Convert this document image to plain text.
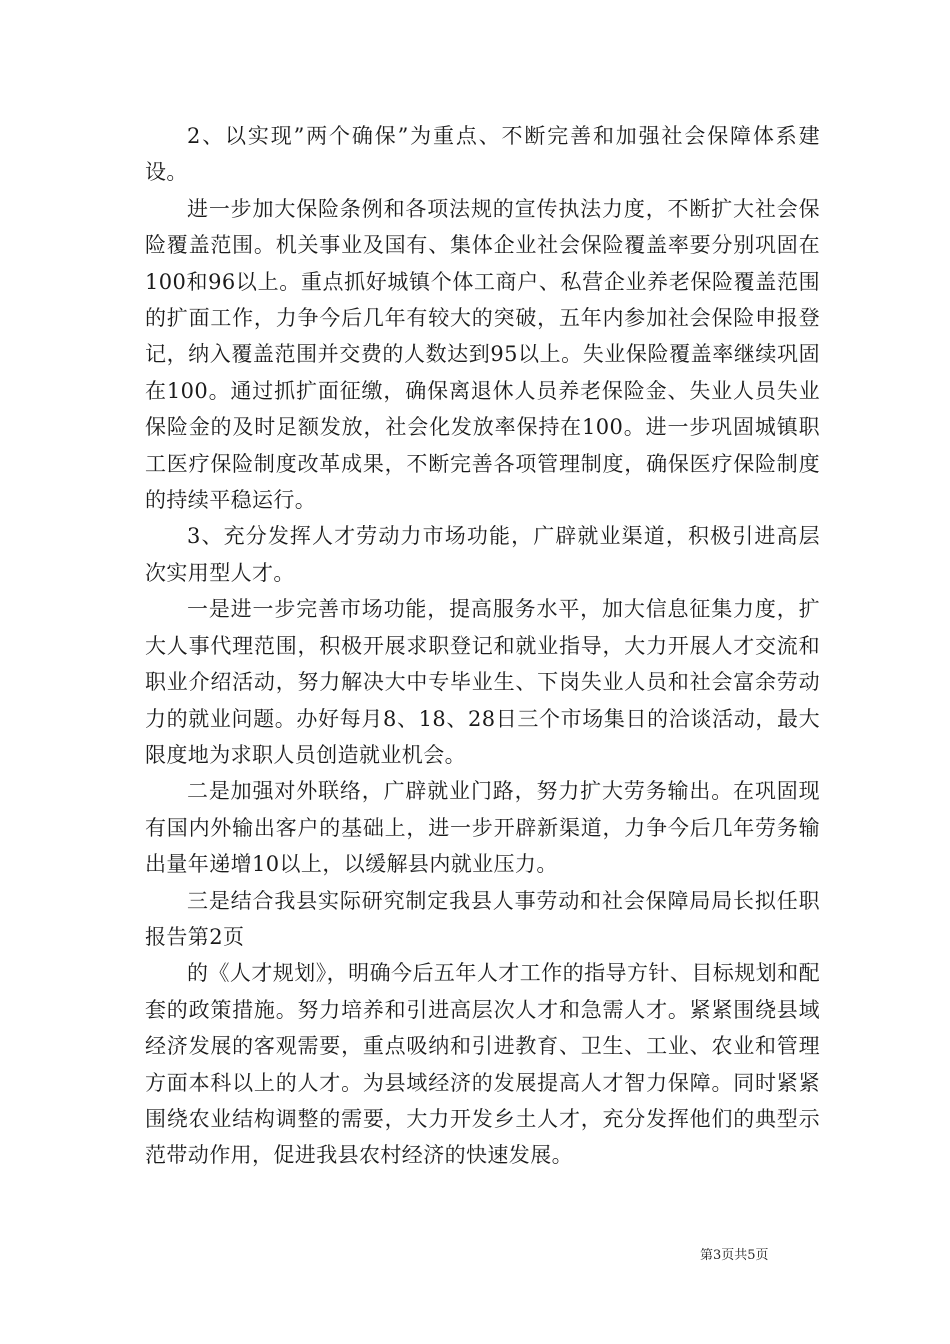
2、以实现”两个确保”为重点、不断完善和加强社会保障体系建设。

进一步加大保险条例和各项法规的宣传执法力度，不断扩大社会保险覆盖范围。机关事业及国有、集体企业社会保险覆盖率要分别巩固在100和96以上。重点抓好城镇个体工商户、私营企业养老保险覆盖范围的扩面工作，力争今后几年有较大的突破，五年内参加社会保险申报登记，纳入覆盖范围并交费的人数达到95以上。失业保险覆盖率继续巩固在100。通过抓扩面征缴，确保离退休人员养老保险金、失业人员失业保险金的及时足额发放，社会化发放率保持在100。进一步巩固城镇职工医疗保险制度改革成果，不断完善各项管理制度，确保医疗保险制度的持续平稳运行。

3、充分发挥人才劳动力市场功能，广辟就业渠道，积极引进高层次实用型人才。

一是进一步完善市场功能，提高服务水平，加大信息征集力度，扩大人事代理范围，积极开展求职登记和就业指导，大力开展人才交流和职业介绍活动，努力解决大中专毕业生、下岗失业人员和社会富余劳动力的就业问题。办好每月8、18、28日三个市场集日的洽谈活动，最大限度地为求职人员创造就业机会。

二是加强对外联络，广辟就业门路，努力扩大劳务输出。在巩固现有国内外输出客户的基础上，进一步开辟新渠道，力争今后几年劳务输出量年递增10以上，以缓解县内就业压力。

三是结合我县实际研究制定我县人事劳动和社会保障局局长拟任职报告第2页

的《人才规划》，明确今后五年人才工作的指导方针、目标规划和配套的政策措施。努力培养和引进高层次人才和急需人才。紧紧围绕县域经济发展的客观需要，重点吸纳和引进教育、卫生、工业、农业和管理方面本科以上的人才。为县域经济的发展提高人才智力保障。同时紧紧围绕农业结构调整的需要，大力开发乡土人才，充分发挥他们的典型示范带动作用，促进我县农村经济的快速发展。

第3页共5页
